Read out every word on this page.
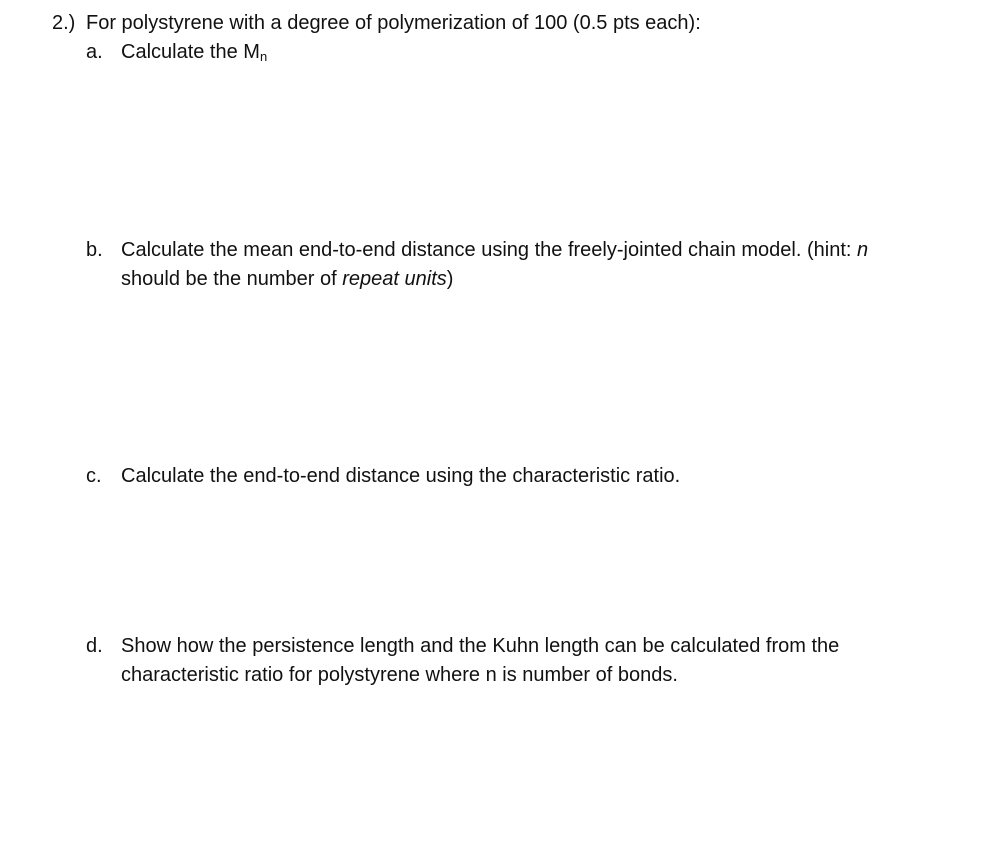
2.) For polystyrene with a degree of polymerization of 100 (0.5 pts each):
a. Calculate the $M_n$
b. Calculate the mean end-to-end distance using the freely-jointed chain model. (hint: n
should be the number of repeat units)
c. Calculate the end-to-end distance using the characteristic ratio.
d. Show how the persistence length and the Kuhn length can be calculated from the
characteristic ratio for polystyrene where n is number of bonds.
